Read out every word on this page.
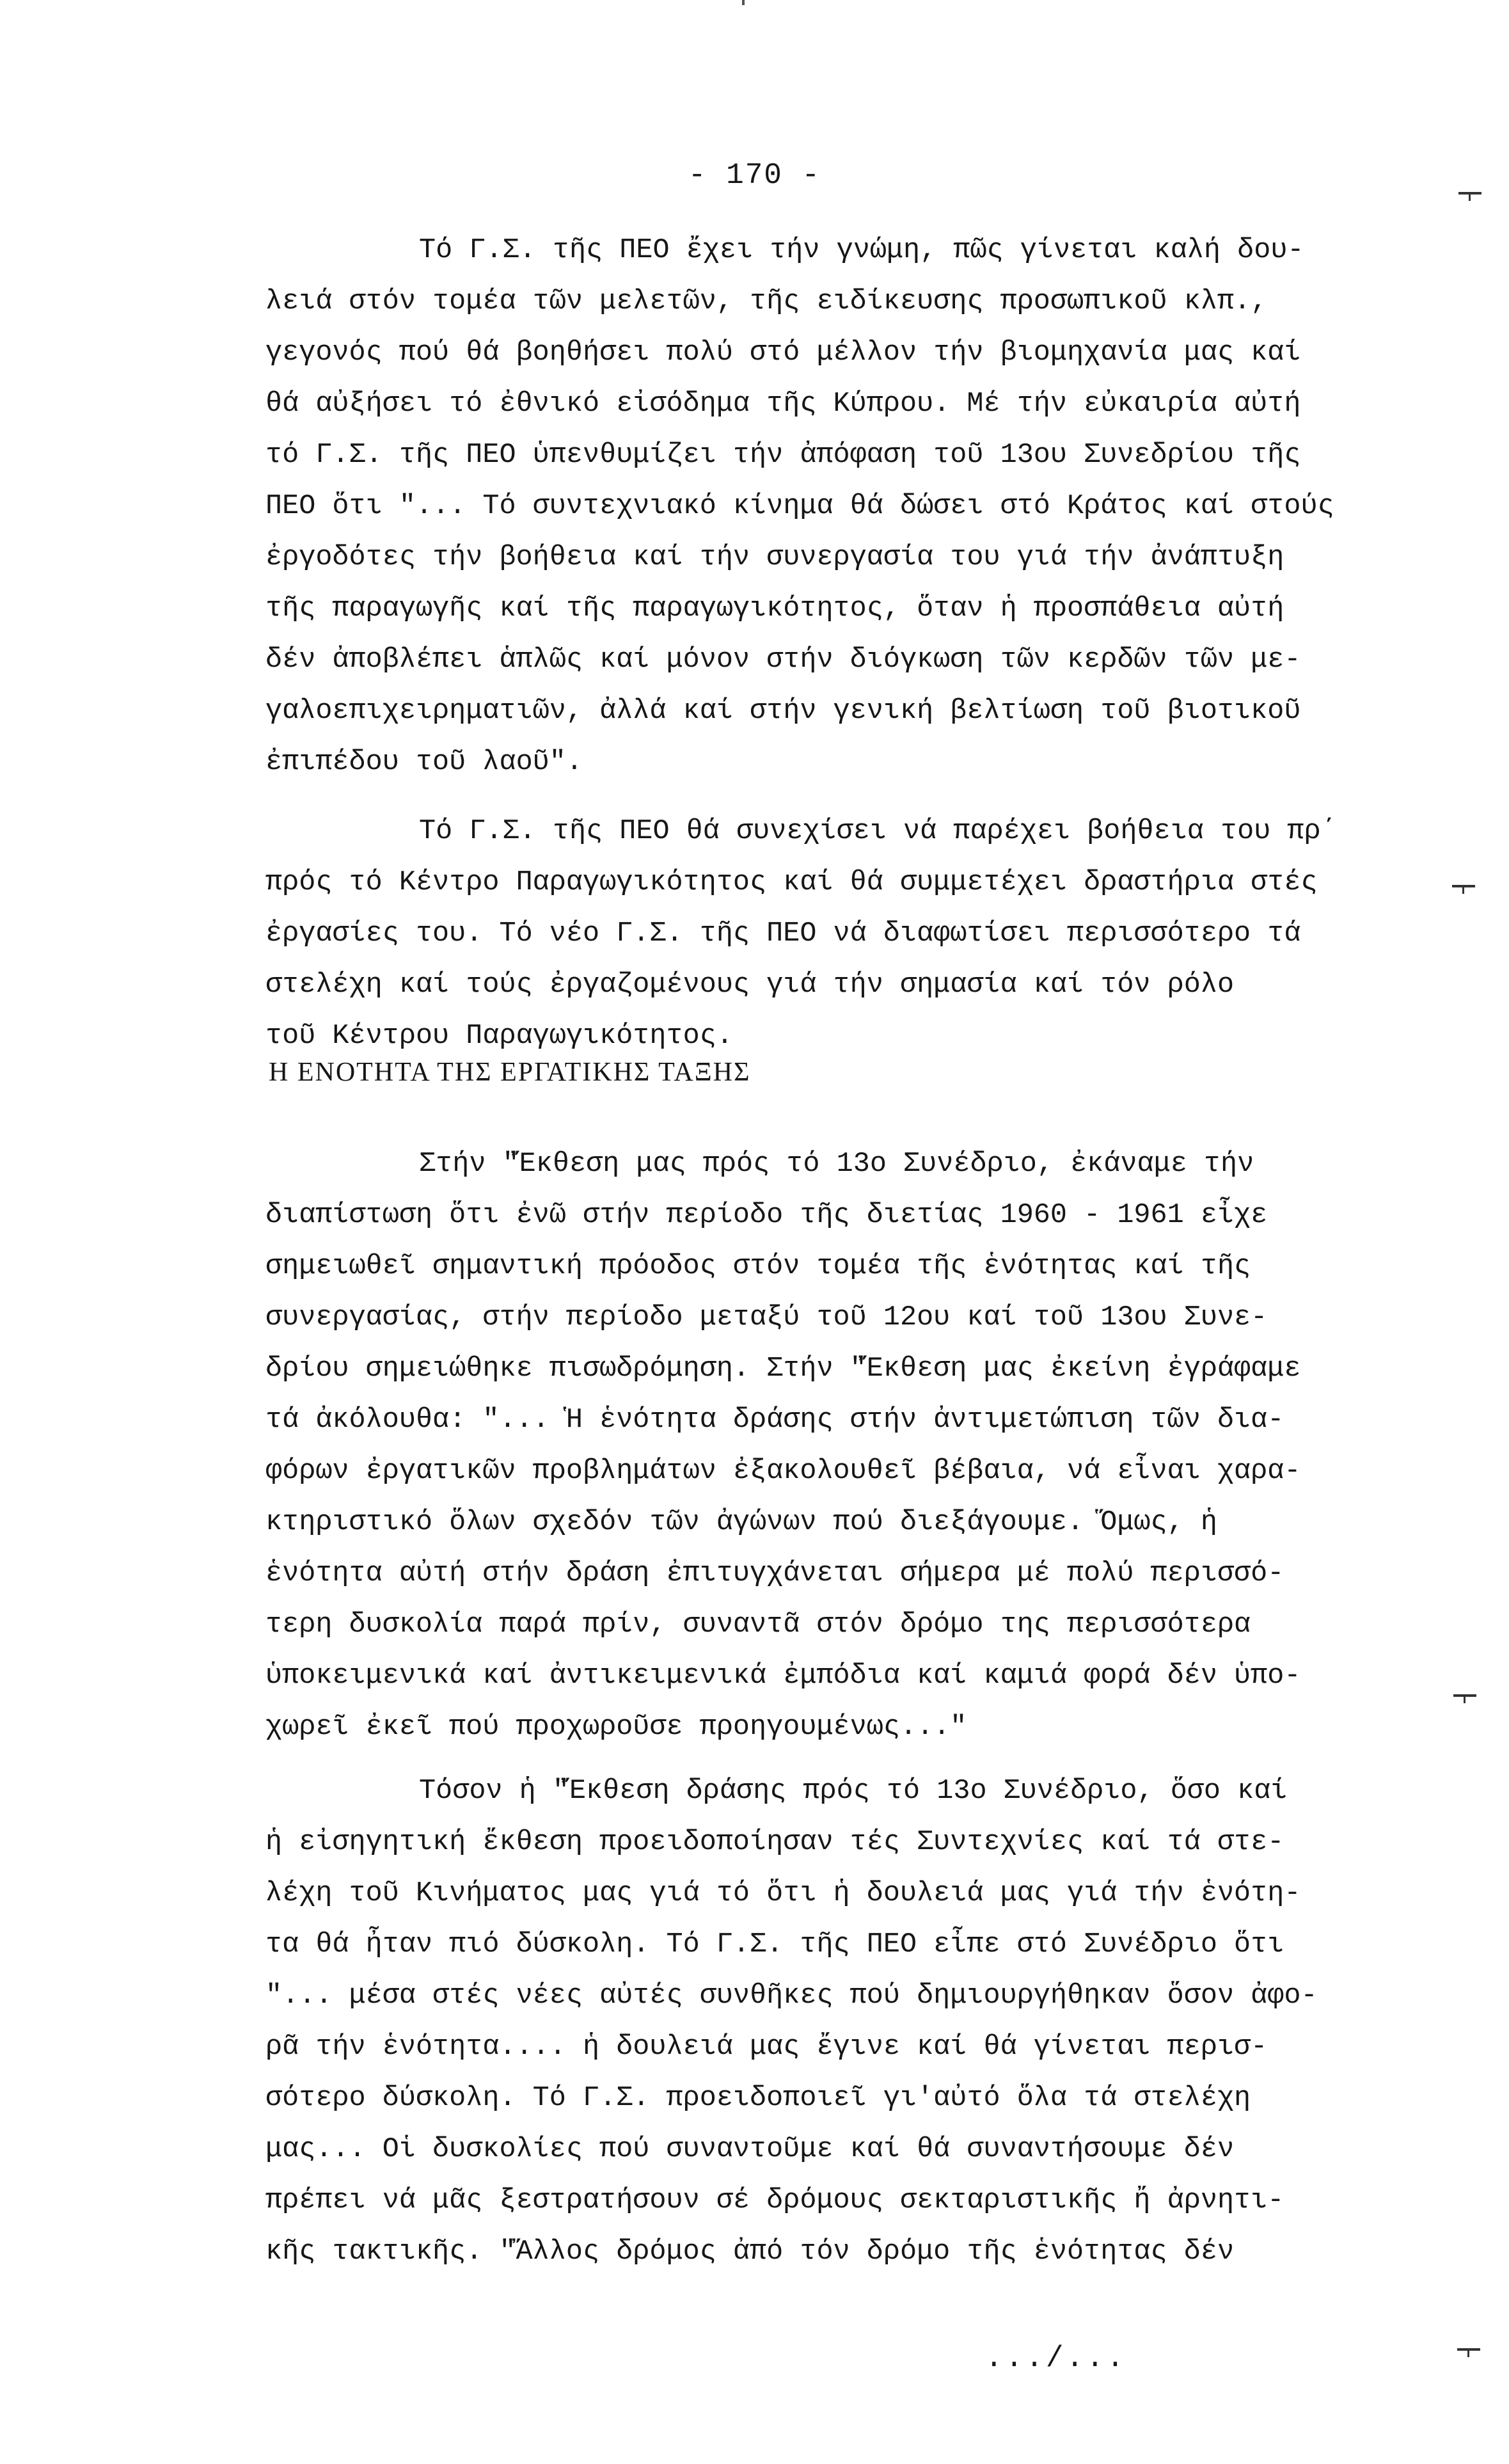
- 170 -
Τό Γ.Σ. τῆς ΠΕΟ ἔχει τήν γνώμη, πῶς γίνεται καλή δου-
λειά στόν τομέα τῶν μελετῶν, τῆς ειδίκευσης προσωπικοῦ κλπ.,
γεγονός πού θά βοηθήσει πολύ στό μέλλον τήν βιομηχανία μας καί
θά αὐξήσει τό ἐθνικό εἰσόδημα τῆς Κύπρου. Μέ τήν εὐκαιρία αὐτή
τό Γ.Σ. τῆς ΠΕΟ ὑπενθυμίζει τήν ἀπόφαση τοῦ 13ου Συνεδρίου τῆς
ΠΕΟ ὅτι "... Τό συντεχνιακό κίνημα θά δώσει στό Κράτος καί στούς
ἐργοδότες τήν βοήθεια καί τήν συνεργασία του γιά τήν ἀνάπτυξη
τῆς παραγωγῆς καί τῆς παραγωγικότητος, ὅταν ἡ προσπάθεια αὐτή
δέν ἀποβλέπει ἁπλῶς καί μόνον στήν διόγκωση τῶν κερδῶν τῶν με-
γαλοεπιχειρηματιῶν, ἀλλά καί στήν γενική βελτίωση τοῦ βιοτικοῦ
ἐπιπέδου τοῦ λαοῦ".
Τό Γ.Σ. τῆς ΠΕΟ θά συνεχίσει νά παρέχει βοήθεια του πρ΄
πρός τό Κέντρο Παραγωγικότητος καί θά συμμετέχει δραστήρια στές
ἐργασίες του. Τό νέο Γ.Σ. τῆς ΠΕΟ νά διαφωτίσει περισσότερο τά
στελέχη καί τούς ἐργαζομένους γιά τήν σημασία καί τόν ρόλο
τοῦ Κέντρου Παραγωγικότητος.
Η ΕΝΟΤΗΤΑ ΤΗΣ ΕΡΓΑΤΙΚΗΣ ΤΑΞΗΣ
Στήν "Ἔκθεση μας πρός τό 13ο Συνέδριο, ἐκάναμε τήν
διαπίστωση ὅτι ἐνῶ στήν περίοδο τῆς διετίας 1960 - 1961 εἶχε
σημειωθεῖ σημαντική πρόοδος στόν τομέα τῆς ἑνότητας καί τῆς
συνεργασίας, στήν περίοδο μεταξύ τοῦ 12ου καί τοῦ 13ου Συνε-
δρίου σημειώθηκε πισωδρόμηση. Στήν "Ἔκθεση μας ἐκείνη ἐγράφαμε
τά ἀκόλουθα: "... Ἡ ἑνότητα δράσης στήν ἀντιμετώπιση τῶν δια-
φόρων ἐργατικῶν προβλημάτων ἐξακολουθεῖ βέβαια, νά εἶναι χαρα-
κτηριστικό ὅλων σχεδόν τῶν ἀγώνων πού διεξάγουμε. Ὅμως, ἡ
ἑνότητα αὐτή στήν δράση ἐπιτυγχάνεται σήμερα μέ πολύ περισσό-
τερη δυσκολία παρά πρίν, συναντᾶ στόν δρόμο της περισσότερα
ὑποκειμενικά καί ἀντικειμενικά ἐμπόδια καί καμιά φορά δέν ὑπο-
χωρεῖ ἐκεῖ πού προχωροῦσε προηγουμένως..."
Τόσον ἡ "Ἔκθεση δράσης πρός τό 13ο Συνέδριο, ὅσο καί
ἡ εἰσηγητική ἔκθεση προειδοποίησαν τές Συντεχνίες καί τά στε-
λέχη τοῦ Κινήματος μας γιά τό ὅτι ἡ δουλειά μας γιά τήν ἑνότη-
τα θά ἦταν πιό δύσκολη. Τό Γ.Σ. τῆς ΠΕΟ εἶπε στό Συνέδριο ὅτι
"... μέσα στές νέες αὐτές συνθῆκες πού δημιουργήθηκαν ὅσον ἀφο-
ρᾶ τήν ἑνότητα.... ἡ δουλειά μας ἔγινε καί θά γίνεται περισ-
σότερο δύσκολη. Τό Γ.Σ. προειδοποιεῖ γι'αὐτό ὅλα τά στελέχη
μας... Οἱ δυσκολίες πού συναντοῦμε καί θά συναντήσουμε δέν
πρέπει νά μᾶς ξεστρατήσουν σέ δρόμους σεκταριστικῆς ἤ ἀρνητι-
κῆς τακτικῆς. "Ἄλλος δρόμος ἀπό τόν δρόμο τῆς ἑνότητας δέν
.../...
